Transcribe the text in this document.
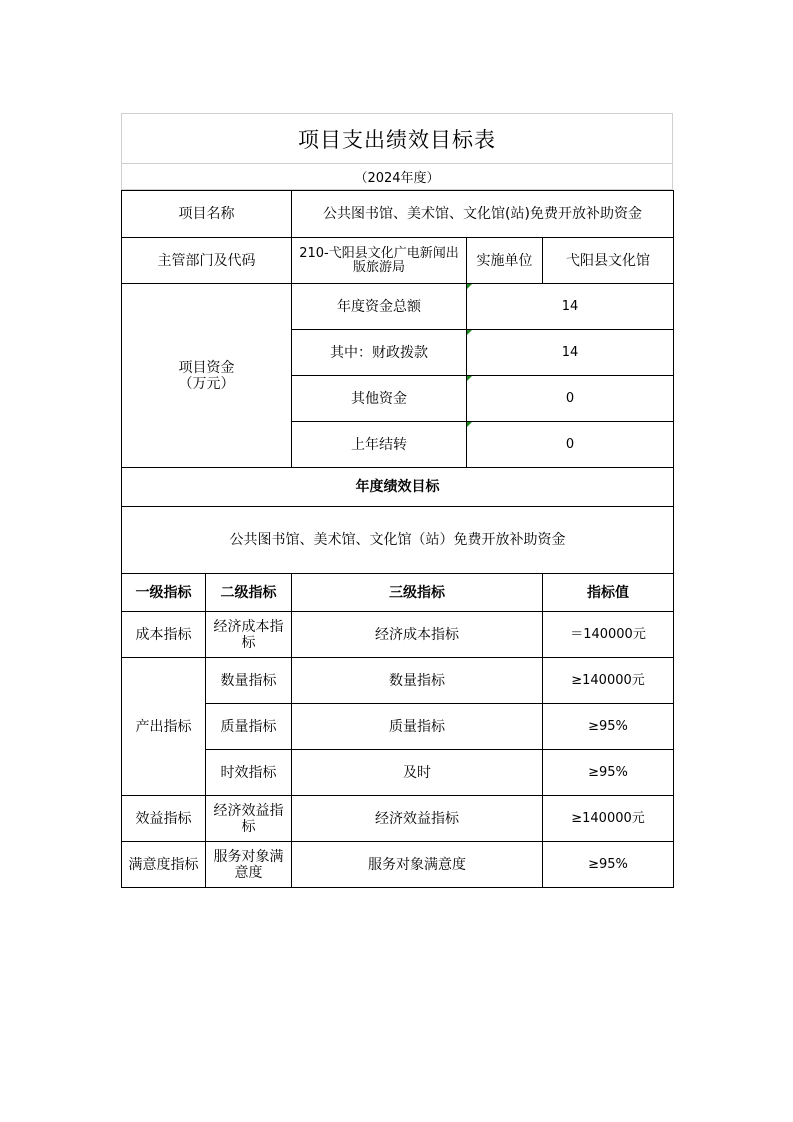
项目支出绩效目标表
（2024年度）
项目名称		公共图书馆、美术馆、文化馆(站)免费开放补助资金		
主管部门及代码		210-弋阳县文化广电新闻出版旅游局	实施单位	弋阳县文化馆
项目资金（万元）		年度资金总额	14	
		其中：财政拨款	14	
		其他资金	0	
		上年结转	0	
年度绩效目标				
公共图书馆、美术馆、文化馆（站）免费开放补助资金				
一级指标	二级指标	三级指标		指标值
成本指标	经济成本指标	经济成本指标		＝140000元
产出指标	数量指标	数量指标		≥140000元
	质量指标	质量指标		≥95%
	时效指标	及时		≥95%
效益指标	经济效益指标	经济效益指标		≥140000元
满意度指标	服务对象满意度	服务对象满意度		≥95%
